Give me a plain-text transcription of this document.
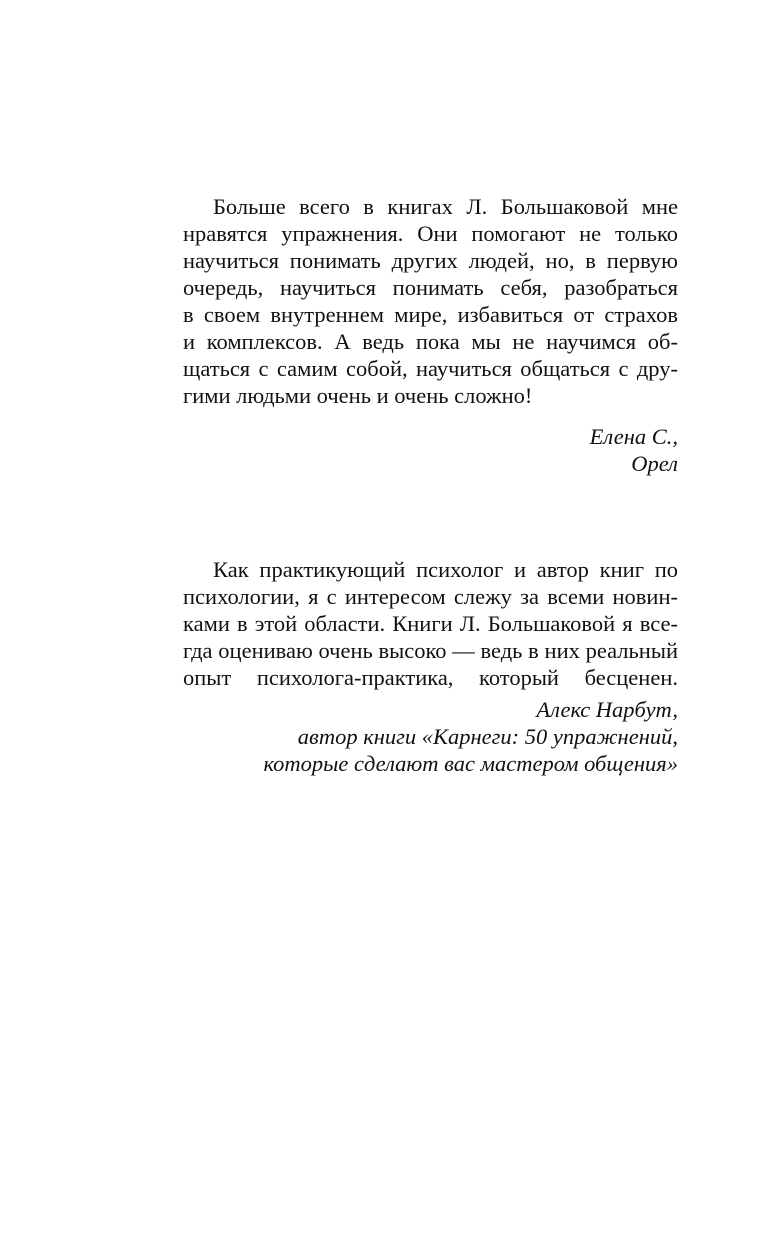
Больше всего в книгах Л. Большаковой мне
нравятся упражнения. Они помогают не только
научиться понимать других людей, но, в первую
очередь, научиться понимать себя, разобраться
в своем внутреннем мире, избавиться от страхов
и комплексов. А ведь пока мы не научимся об-
щаться с самим собой, научиться общаться с дру-
гими людьми очень и очень сложно!
Елена С.,
Орел
Как практикующий психолог и автор книг по
психологии, я с интересом слежу за всеми новин-
ками в этой области. Книги Л. Большаковой я все-
гда оцениваю очень высоко — ведь в них реальный
опыт психолога-практика, который бесценен.
Алекс Нарбут,
автор книги «Карнеги: 50 упражнений,
которые сделают вас мастером общения»
